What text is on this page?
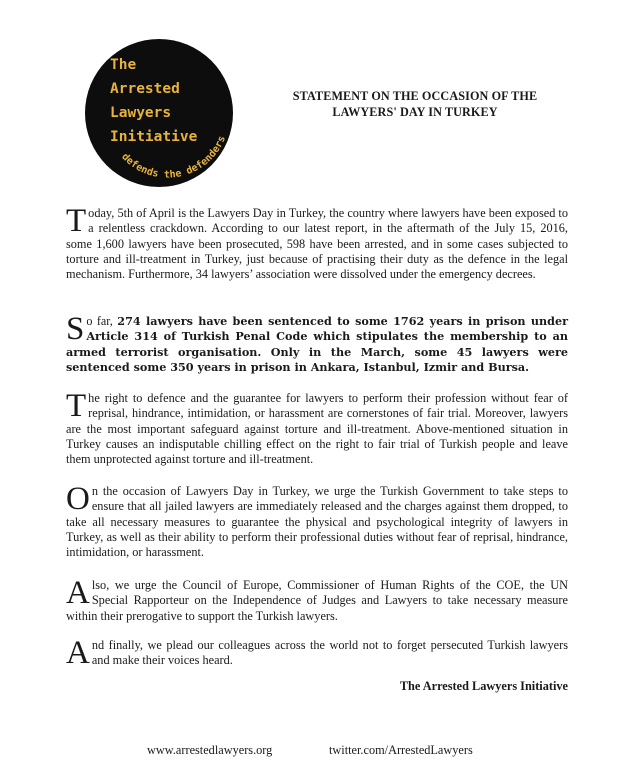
The
Arrested
Lawyers
Initiative
defends the defenders
STATEMENT ON THE OCCASION OF THE
LAWYERS' DAY IN TURKEY

Today, 5th of April is the Lawyers Day in Turkey, the country where lawyers have been exposed to a relentless crackdown. According to our latest report, in the aftermath of the July 15, 2016, some 1,600 lawyers have been prosecuted, 598 have been arrested, and in some cases subjected to torture and ill-treatment in Turkey, just because of practising their duty as the defence in the legal mechanism. Furthermore, 34 lawyers’ association were dissolved under the emergency decrees.

So far, 274 lawyers have been sentenced to some 1762 years in prison under Article 314 of Turkish Penal Code which stipulates the membership to an armed terrorist organisation. Only in the March, some 45 lawyers were sentenced some 350 years in prison in Ankara, Istanbul, Izmir and Bursa.

The right to defence and the guarantee for lawyers to perform their profession without fear of reprisal, hindrance, intimidation, or harassment are cornerstones of fair trial. Moreover, lawyers are the most important safeguard against torture and ill-treatment. Above-mentioned situation in Turkey causes an indisputable chilling effect on the right to fair trial of Turkish people and leave them unprotected against torture and ill-treatment.

On the occasion of Lawyers Day in Turkey, we urge the Turkish Government to take steps to ensure that all jailed lawyers are immediately released and the charges against them dropped, to take all necessary measures to guarantee the physical and psychological integrity of lawyers in Turkey, as well as their ability to perform their professional duties without fear of reprisal, hindrance, intimidation, or harassment.

Also, we urge the Council of Europe, Commissioner of Human Rights of the COE, the UN Special Rapporteur on the Independence of Judges and Lawyers to take necessary measure within their prerogative to support the Turkish lawyers.

And finally, we plead our colleagues across the world not to forget persecuted Turkish lawyers and make their voices heard.

The Arrested Lawyers Initiative
www.arrestedlawyers.org	twitter.com/ArrestedLawyers
